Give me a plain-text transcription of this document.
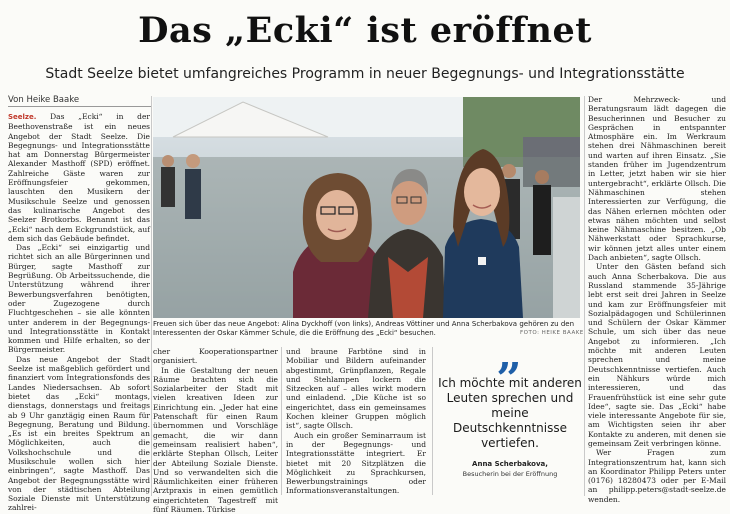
Das „Ecki“ ist eröffnet
Stadt Seelze bietet umfangreiches Programm in neuer Begegnungs- und Integrationsstätte
Von Heike Baake

Seelze. Das „Ecki“ in der Beethovenstraße ist ein neues Angebot der Stadt Seelze. Die Begegnungs- und Integrationsstätte hat am Donnerstag Bürgermeister Alexander Masthoff (SPD) eröffnet. Zahlreiche Gäste waren zur Eröffnungsfeier gekommen, lauschten den Musikern der Musikschule Seelze und genossen das kulinarische Angebot des Seelzer Brotkorbs. Benannt ist das „Ecki“ nach dem Eckgrundstück, auf dem sich das Gebäude befindet.

Das „Ecki“ sei einzigartig und richtet sich an alle Bürgerinnen und Bürger, sagte Masthoff zur Begrüßung. Ob Arbeitssuchende, die Unterstützung während ihrer Bewerbungsverfahren benötigten, oder Zugezogene durch Fluchtgeschehen – sie alle könnten unter anderem in der Begegnungs- und Integrationsstätte in Kontakt kommen und Hilfe erhalten, so der Bürgermeister.

Das neue Angebot der Stadt Seelze ist maßgeblich gefördert und finanziert vom Integrationsfonds des Landes Niedersachsen. Ab sofort bietet das „Ecki“ montags, dienstags, donnerstags und freitags ab 9 Uhr ganztägig einen Raum für Begegnung, Beratung und Bildung. „Es ist ein breites Spektrum an Möglichkeiten, auch die Volkshochschule und die Musikschule wollen sich hier einbringen“, sagte Masthoff. Das Angebot der Begegnungsstätte wird von der städtischen Abteilung Soziale Dienste mit Unterstützung zahlrei-

Freuen sich über das neue Angebot: Alina Dyckhoff (von links), Andreas Vöttiner und Anna Scherbakova gehören zu den Interessenten der Oskar Kämmer Schule, die die Eröffnung des „Ecki“ besuchen.	FOTO: HEIKE BAAKE

cher Kooperationspartner organisiert.

In die Gestaltung der neuen Räume brachten sich die Sozialarbeiter der Stadt mit vielen kreativen Ideen zur Einrichtung ein. „Jeder hat eine Patenschaft für einen Raum übernommen und Vorschläge gemacht, die wir dann gemeinsam realisiert haben“, erklärte Stephan Ollsch, Leiter der Abteilung Soziale Dienste. Und so verwandelten sich die Räumlichkeiten einer früheren Arztpraxis in einen gemütlich eingerichteten Tagestreff mit fünf Räumen. Türkise

und braune Farbtöne sind in Mobiliar und Bildern aufeinander abgestimmt, Grünpflanzen, Regale und Stehlampen lockern die Sitzecken auf – alles wirkt modern und einladend. „Die Küche ist so eingerichtet, dass ein gemeinsames Kochen kleiner Gruppen möglich ist“, sagte Ollsch.

Auch ein großer Seminarraum ist in der Begegnungs- und Integrationsstätte integriert. Er bietet mit 20 Sitzplätzen die Möglichkeit zu Sprachkursen, Bewerbungstrainings oder Informationsveranstaltungen.

„
Ich möchte mit anderen Leuten sprechen und meine Deutschkenntnisse vertiefen.
Anna Scherbakova,
Besucherin bei der Eröffnung

Der Mehrzweck- und Beratungsraum lädt dagegen die Besucherinnen und Besucher zu Gesprächen in entspannter Atmosphäre ein. Im Werkraum stehen drei Nähmaschinen bereit und warten auf ihren Einsatz. „Sie standen früher im Jugendzentrum in Letter, jetzt haben wir sie hier untergebracht“, erklärte Ollsch. Die Nähmaschinen stehen Interessierten zur Verfügung, die das Nähen erlernen möchten oder etwas nähen möchten und selbst keine Nähmaschine besitzen. „Ob Nähwerkstatt oder Sprachkurse, wir können jetzt alles unter einem Dach anbieten“, sagte Ollsch.

Unter den Gästen befand sich auch Anna Scherbakova. Die aus Russland stammende 35-Jährige lebt erst seit drei Jahren in Seelze und kam zur Eröffnungsfeier mit Sozialpädagogen und Schülerinnen und Schülern der Oskar Kämmer Schule, um sich über das neue Angebot zu informieren. „Ich möchte mit anderen Leuten sprechen und meine Deutschkenntnisse vertiefen. Auch ein Nähkurs würde mich interessieren, und das Frauenfrühstück ist eine sehr gute Idee“, sagte sie. Das „Ecki“ habe viele interessante Angebote für sie, am Wichtigsten seien ihr aber Kontakte zu anderen, mit denen sie gemeinsam Zeit verbringen könne.

Wer Fragen zum Integrationszentrum hat, kann sich an Koordinator Philipp Peters unter (0176) 18280473 oder per E-Mail an philipp.peters@stadt-seelze.de wenden.
